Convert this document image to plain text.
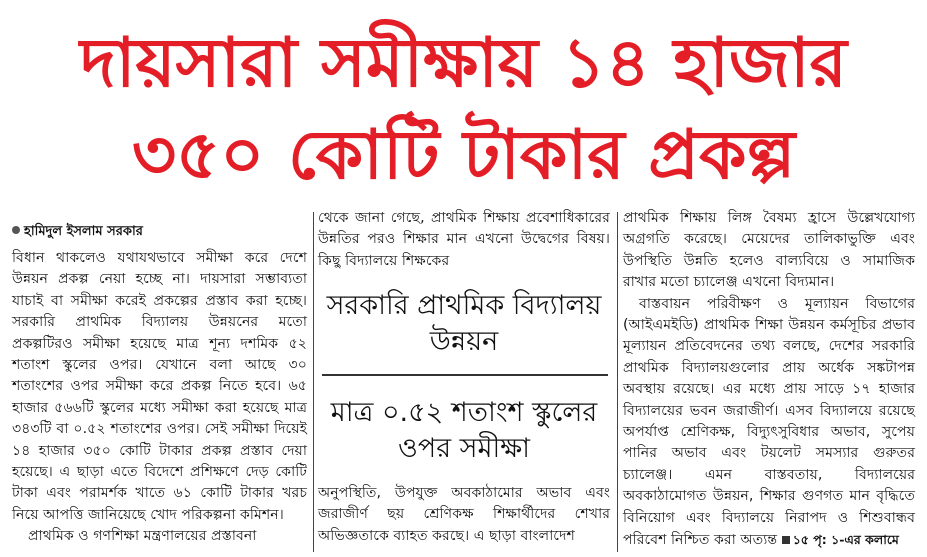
দায়সারা সমীক্ষায় ১৪ হাজার
৩৫০ কোটি টাকার প্রকল্প
হামিদুল ইসলাম সরকার

বিধান থাকলেও যথাযথভাবে সমীক্ষা করে দেশে উন্নয়ন প্রকল্প নেয়া হচ্ছে না। দায়সারা সম্ভাব্যতা যাচাই বা সমীক্ষা করেই প্রকল্পের প্রস্তাব করা হচ্ছে। সরকারি প্রাথমিক বিদ্যালয় উন্নয়নের মতো প্রকল্পটিরও সমীক্ষা হয়েছে মাত্র শূন্য দশমিক ৫২ শতাংশ স্কুলের ওপর। যেখানে বলা আছে ৩০ শতাংশের ওপর সমীক্ষা করে প্রকল্প নিতে হবে। ৬৫ হাজার ৫৬৬টি স্কুলের মধ্যে সমীক্ষা করা হয়েছে মাত্র ৩৪৩টি বা ০.৫২ শতাংশের ওপর। সেই সমীক্ষা দিয়েই ১৪ হাজার ৩৫০ কোটি টাকার প্রকল্প প্রস্তাব দেয়া হয়েছে। এ ছাড়া এতে বিদেশে প্রশিক্ষণে দেড় কোটি টাকা এবং পরামর্শক খাতে ৬১ কোটি টাকার খরচ নিয়ে আপত্তি জানিয়েছে খোদ পরিকল্পনা কমিশন।

প্রাথমিক ও গণশিক্ষা মন্ত্রণালয়ের প্রস্তাবনা

থেকে জানা গেছে, প্রাথমিক শিক্ষায় প্রবেশাধিকারের উন্নতির পরও শিক্ষার মান এখনো উদ্বেগের বিষয়। কিছু বিদ্যালয়ে শিক্ষকের

সরকারি প্রাথমিক বিদ্যালয় উন্নয়ন
মাত্র ০.৫২ শতাংশ স্কুলের ওপর সমীক্ষা

অনুপস্থিতি, উপযুক্ত অবকাঠামোর অভাব এবং জরাজীর্ণ ছয় শ্রেণিকক্ষ শিক্ষার্থীদের শেখার অভিজ্ঞতাকে ব্যাহত করছে। এ ছাড়া বাংলাদেশ

প্রাথমিক শিক্ষায় লিঙ্গ বৈষম্য হ্রাসে উল্লেখযোগ্য অগ্রগতি করেছে। মেয়েদের তালিকাভুক্তি এবং উপস্থিতি উন্নতি হলেও বাল্যবিয়ে ও সামাজিক রাখার মতো চ্যালেঞ্জ এখনো বিদ্যমান।

বাস্তবায়ন পরিবীক্ষণ ও মূল্যায়ন বিভাগের (আইএমইডি) প্রাথমিক শিক্ষা উন্নয়ন কর্মসূচির প্রভাব মূল্যায়ন প্রতিবেদনের তথ্য বলছে, দেশের সরকারি প্রাথমিক বিদ্যালয়গুলোর প্রায় অর্ধেক সঙ্কটাপন্ন অবস্থায় রয়েছে। এর মধ্যে প্রায় সাড়ে ১৭ হাজার বিদ্যালয়ের ভবন জরাজীর্ণ। এসব বিদ্যালয়ে রয়েছে অপর্যাপ্ত শ্রেণিকক্ষ, বিদ্যুৎসুবিধার অভাব, সুপেয় পানির অভাব এবং টয়লেট সমস্যার গুরুতর চ্যালেঞ্জ। এমন বাস্তবতায়, বিদ্যালয়ের অবকাঠামোগত উন্নয়ন, শিক্ষার গুণগত মান বৃদ্ধিতে বিনিয়োগ এবং বিদ্যালয়ে নিরাপদ ও শিশুবান্ধব পরিবেশ নিশ্চিত করা অত্যন্ত ১৫ পৃ: ১-এর কলামে
